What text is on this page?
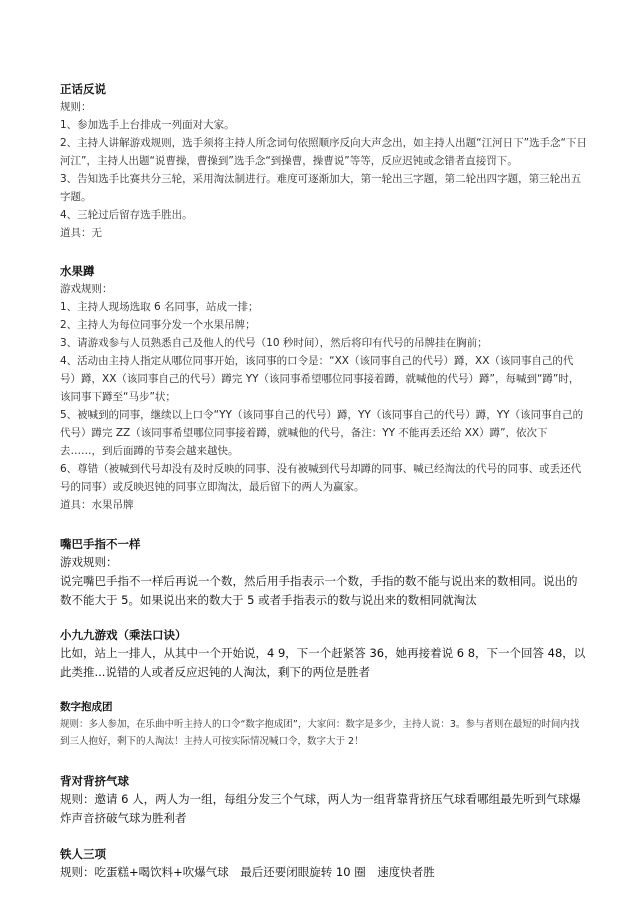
正话反说

规则：

1、参加选手上台排成一列面对大家。

2、主持人讲解游戏规则，选手须将主持人所念词句依照顺序反向大声念出，如主持人出题“江河日下”选手念“下日河江”，主持人出题“说曹操，曹操到”选手念“到操曹，操曹说”等等，反应迟钝或念错者直接罚下。

3、告知选手比赛共分三轮，采用淘汰制进行。难度可逐渐加大，第一轮出三字题，第二轮出四字题，第三轮出五字题。

4、三轮过后留存选手胜出。

道具：无

水果蹲

游戏规则：

1、主持人现场选取 6 名同事，站成一排；

2、主持人为每位同事分发一个水果吊牌；

3、请游戏参与人员熟悉自己及他人的代号（10 秒时间），然后将印有代号的吊牌挂在胸前；

4、活动由主持人指定从哪位同事开始，该同事的口令是：“XX（该同事自己的代号）蹲，XX（该同事自己的代号）蹲，XX（该同事自己的代号）蹲完 YY（该同事希望哪位同事接着蹲，就喊他的代号）蹲”，每喊到“蹲”时，该同事下蹲至“马步”状；

5、被喊到的同事，继续以上口令“YY（该同事自己的代号）蹲，YY（该同事自己的代号）蹲，YY（该同事自己的代号）蹲完 ZZ（该同事希望哪位同事接着蹲，就喊他的代号，备注：YY 不能再丢还给 XX）蹲”，依次下去……，到后面蹲的节奏会越来越快。

6、尊错（被喊到代号却没有及时反映的同事、没有被喊到代号却蹲的同事、喊已经淘汰的代号的同事、或丢还代号的同事）或反映迟钝的同事立即淘汰，最后留下的两人为赢家。

道具：水果吊牌

嘴巴手指不一样

游戏规则：

说完嘴巴手指不一样后再说一个数，然后用手指表示一个数，手指的数不能与说出来的数相同。说出的数不能大于 5。如果说出来的数大于 5 或者手指表示的数与说出来的数相同就淘汰

小九九游戏（乘法口诀）

比如，站上一排人，从其中一个开始说，4 9，下一个赶紧答 36，她再接着说 6 8，下一个回答 48，以此类推...说错的人或者反应迟钝的人淘汰，剩下的两位是胜者

数字抱成团

规则：多人参加，在乐曲中听主持人的口令“数字抱成团”，大家问：数字是多少，主持人说：3。参与者则在最短的时间内找到三人抱好，剩下的人淘汰！主持人可按实际情况喊口令，数字大于 2！

背对背挤气球

规则：邀请 6 人，两人为一组，每组分发三个气球，两人为一组背靠背挤压气球看哪组最先听到气球爆炸声音挤破气球为胜利者

铁人三项

规则：吃蛋糕+喝饮料+吹爆气球　最后还要闭眼旋转 10 圈　速度快者胜
